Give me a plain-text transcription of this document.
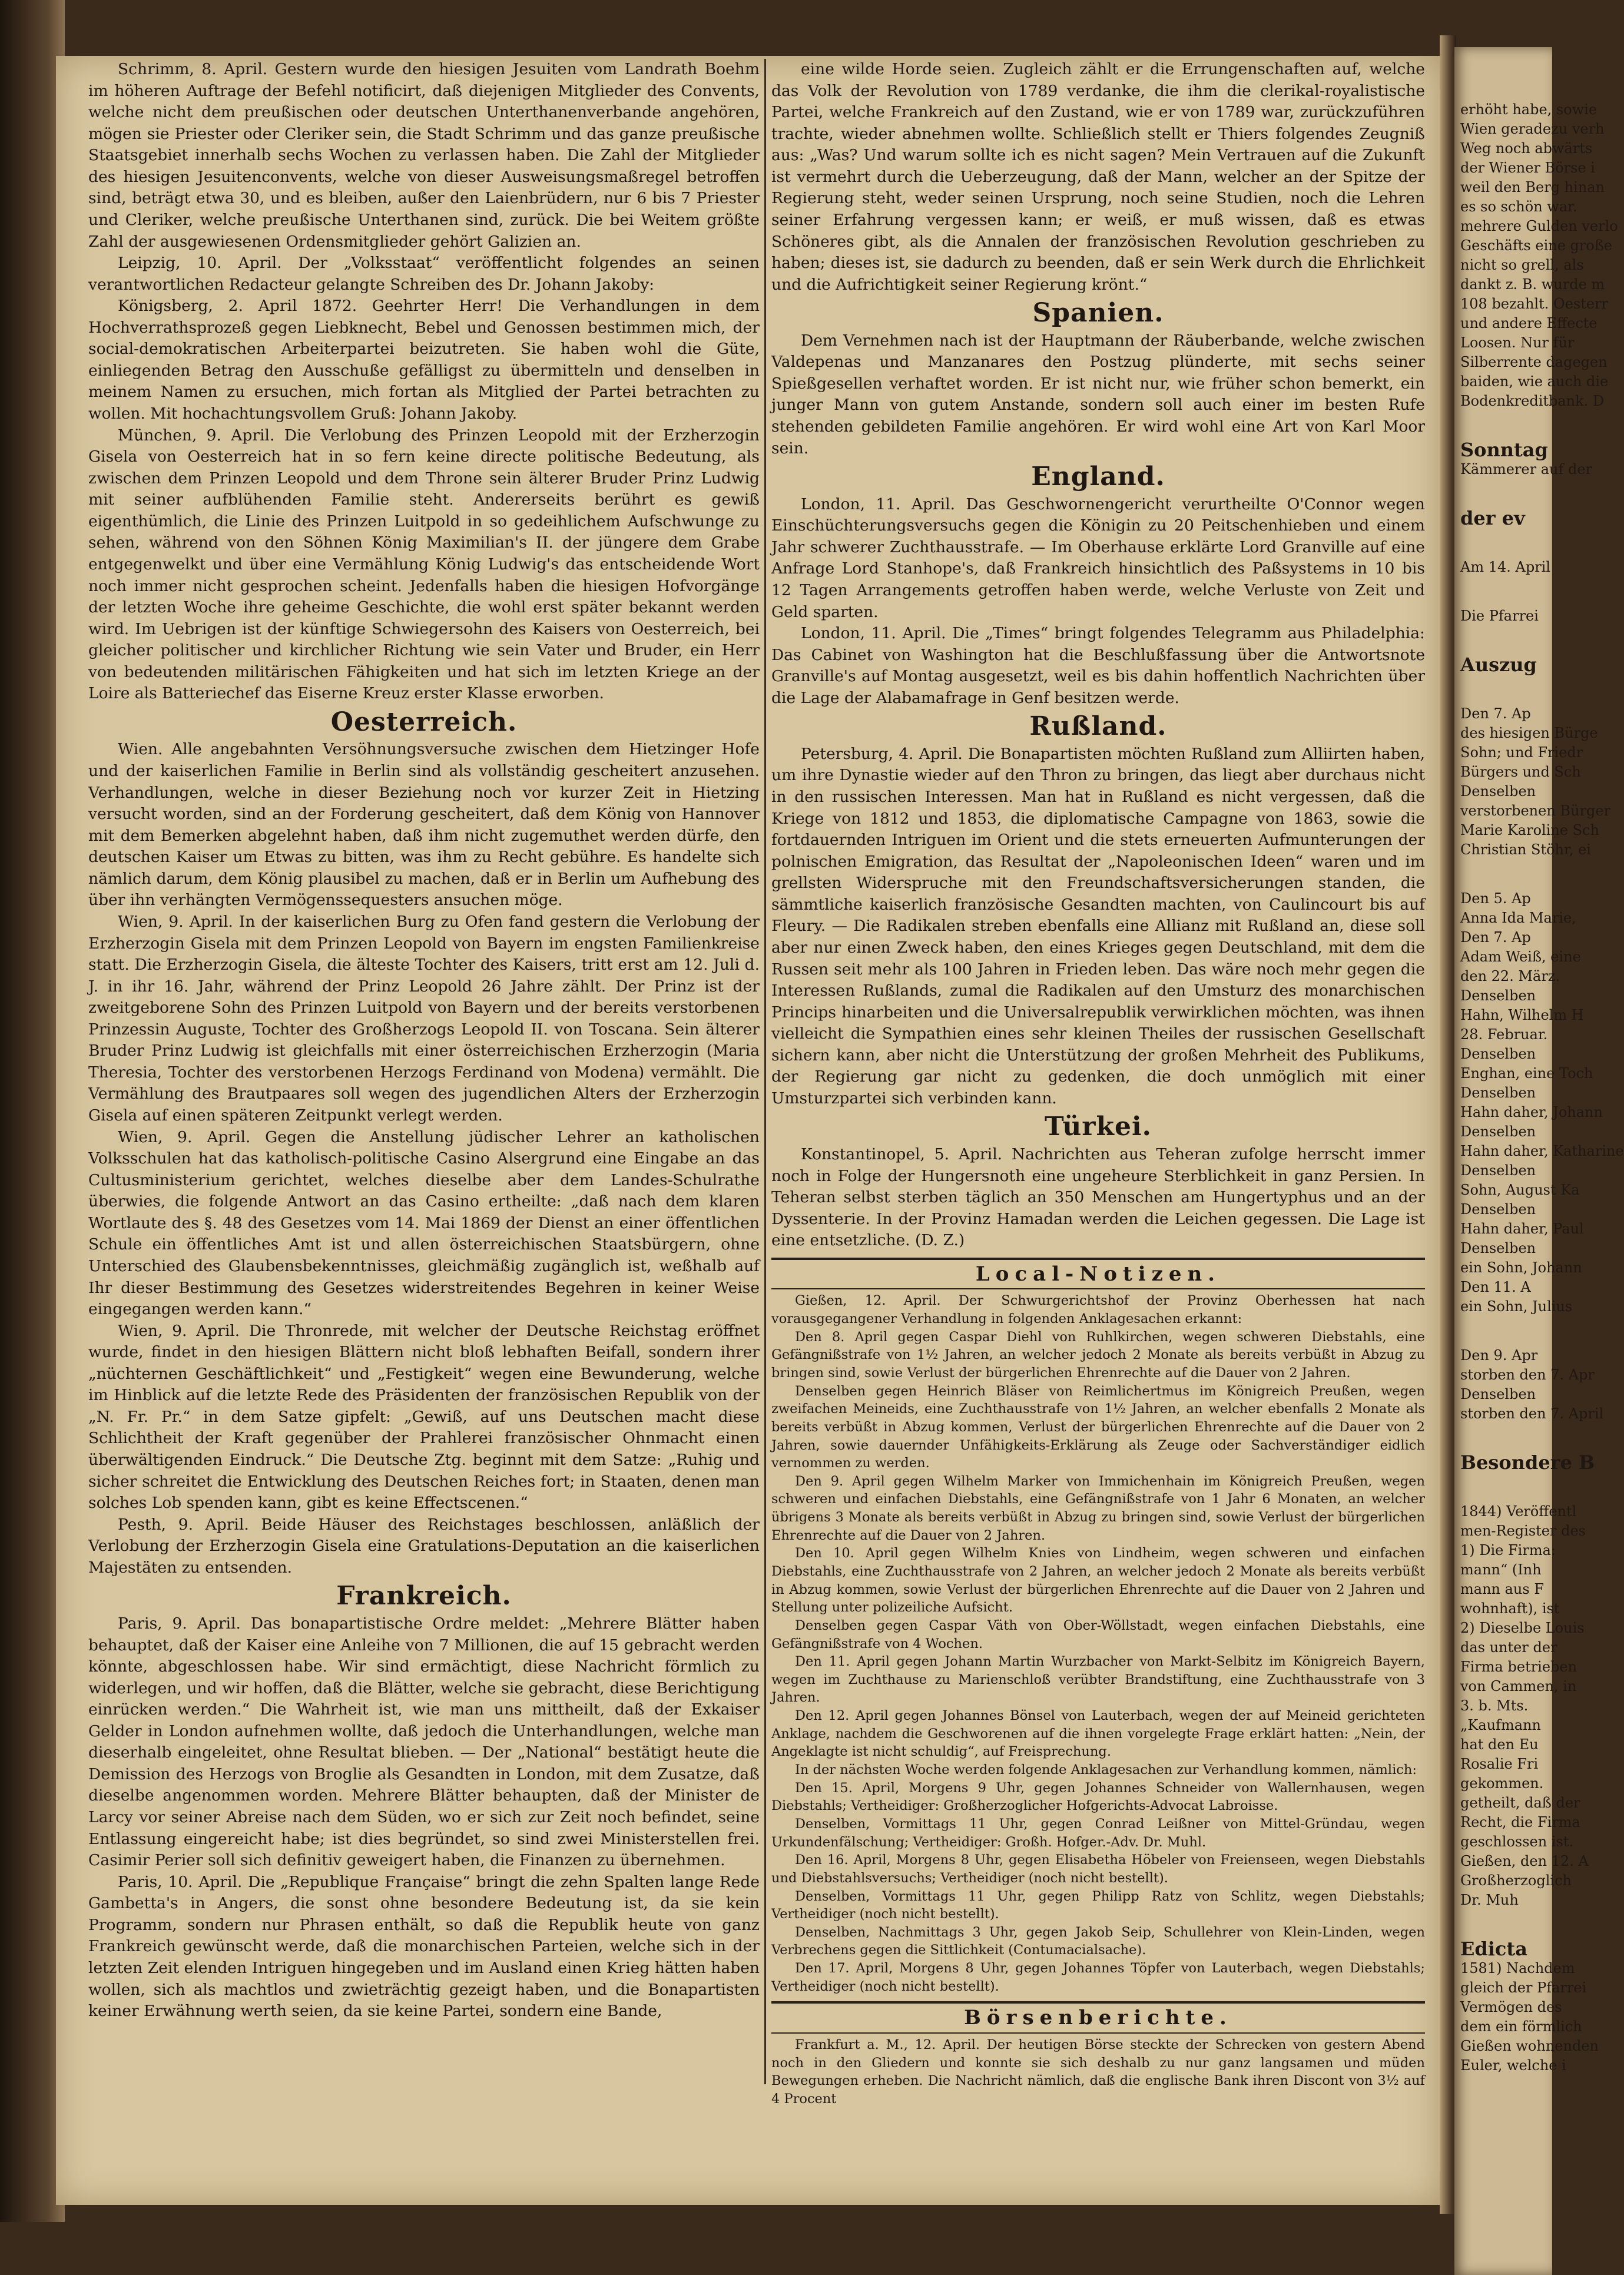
Schrimm, 8. April. Gestern wurde den hiesigen Jesuiten vom Landrath Boehm im höheren Auftrage der Befehl notificirt, daß diejenigen Mitglieder des Convents, welche nicht dem preußischen oder deutschen Unterthanenverbande angehören, mögen sie Priester oder Cleriker sein, die Stadt Schrimm und das ganze preußische Staatsgebiet innerhalb sechs Wochen zu verlassen haben. Die Zahl der Mitglieder des hiesigen Jesuitenconvents, welche von dieser Ausweisungsmaßregel betroffen sind, beträgt etwa 30, und es bleiben, außer den Laienbrüdern, nur 6 bis 7 Priester und Cleriker, welche preußische Unterthanen sind, zurück. Die bei Weitem größte Zahl der ausgewiesenen Ordensmitglieder gehört Galizien an.

Leipzig, 10. April. Der „Volksstaat“ veröffentlicht folgendes an seinen verantwortlichen Redacteur gelangte Schreiben des Dr. Johann Jakoby:

Königsberg, 2. April 1872. Geehrter Herr! Die Verhandlungen in dem Hochverrathsprozeß gegen Liebknecht, Bebel und Genossen bestimmen mich, der social-demokratischen Arbeiterpartei beizutreten. Sie haben wohl die Güte, einliegenden Betrag den Ausschuße gefälligst zu übermitteln und denselben in meinem Namen zu ersuchen, mich fortan als Mitglied der Partei betrachten zu wollen. Mit hochachtungsvollem Gruß: Johann Jakoby.

München, 9. April. Die Verlobung des Prinzen Leopold mit der Erzherzogin Gisela von Oesterreich hat in so fern keine directe politische Bedeutung, als zwischen dem Prinzen Leopold und dem Throne sein älterer Bruder Prinz Ludwig mit seiner aufblühenden Familie steht. Andererseits berührt es gewiß eigenthümlich, die Linie des Prinzen Luitpold in so gedeihlichem Aufschwunge zu sehen, während von den Söhnen König Maximilian's II. der jüngere dem Grabe entgegenwelkt und über eine Vermählung König Ludwig's das entscheidende Wort noch immer nicht gesprochen scheint. Jedenfalls haben die hiesigen Hofvorgänge der letzten Woche ihre geheime Geschichte, die wohl erst später bekannt werden wird. Im Uebrigen ist der künftige Schwiegersohn des Kaisers von Oesterreich, bei gleicher politischer und kirchlicher Richtung wie sein Vater und Bruder, ein Herr von bedeutenden militärischen Fähigkeiten und hat sich im letzten Kriege an der Loire als Batteriechef das Eiserne Kreuz erster Klasse erworben.

Oesterreich.

Wien. Alle angebahnten Versöhnungsversuche zwischen dem Hietzinger Hofe und der kaiserlichen Familie in Berlin sind als vollständig gescheitert anzusehen. Verhandlungen, welche in dieser Beziehung noch vor kurzer Zeit in Hietzing versucht worden, sind an der Forderung gescheitert, daß dem König von Hannover mit dem Bemerken abgelehnt haben, daß ihm nicht zugemuthet werden dürfe, den deutschen Kaiser um Etwas zu bitten, was ihm zu Recht gebühre. Es handelte sich nämlich darum, dem König plausibel zu machen, daß er in Berlin um Aufhebung des über ihn verhängten Vermögenssequesters ansuchen möge.

Wien, 9. April. In der kaiserlichen Burg zu Ofen fand gestern die Verlobung der Erzherzogin Gisela mit dem Prinzen Leopold von Bayern im engsten Familienkreise statt. Die Erzherzogin Gisela, die älteste Tochter des Kaisers, tritt erst am 12. Juli d. J. in ihr 16. Jahr, während der Prinz Leopold 26 Jahre zählt. Der Prinz ist der zweitgeborene Sohn des Prinzen Luitpold von Bayern und der bereits verstorbenen Prinzessin Auguste, Tochter des Großherzogs Leopold II. von Toscana. Sein älterer Bruder Prinz Ludwig ist gleichfalls mit einer österreichischen Erzherzogin (Maria Theresia, Tochter des verstorbenen Herzogs Ferdinand von Modena) vermählt. Die Vermählung des Brautpaares soll wegen des jugendlichen Alters der Erzherzogin Gisela auf einen späteren Zeitpunkt verlegt werden.

Wien, 9. April. Gegen die Anstellung jüdischer Lehrer an katholischen Volksschulen hat das katholisch-politische Casino Alsergrund eine Eingabe an das Cultusministerium gerichtet, welches dieselbe aber dem Landes-Schulrathe überwies, die folgende Antwort an das Casino ertheilte: „daß nach dem klaren Wortlaute des §. 48 des Gesetzes vom 14. Mai 1869 der Dienst an einer öffentlichen Schule ein öffentliches Amt ist und allen österreichischen Staatsbürgern, ohne Unterschied des Glaubensbekenntnisses, gleichmäßig zugänglich ist, weßhalb auf Ihr dieser Bestimmung des Gesetzes widerstreitendes Begehren in keiner Weise eingegangen werden kann.“

Wien, 9. April. Die Thronrede, mit welcher der Deutsche Reichstag eröffnet wurde, findet in den hiesigen Blättern nicht bloß lebhaften Beifall, sondern ihrer „nüchternen Geschäftlichkeit“ und „Festigkeit“ wegen eine Bewunderung, welche im Hinblick auf die letzte Rede des Präsidenten der französischen Republik von der „N. Fr. Pr.“ in dem Satze gipfelt: „Gewiß, auf uns Deutschen macht diese Schlichtheit der Kraft gegenüber der Prahlerei französischer Ohnmacht einen überwältigenden Eindruck.“ Die Deutsche Ztg. beginnt mit dem Satze: „Ruhig und sicher schreitet die Entwicklung des Deutschen Reiches fort; in Staaten, denen man solches Lob spenden kann, gibt es keine Effectscenen.“

Pesth, 9. April. Beide Häuser des Reichstages beschlossen, anläßlich der Verlobung der Erzherzogin Gisela eine Gratulations-Deputation an die kaiserlichen Majestäten zu entsenden.

Frankreich.

Paris, 9. April. Das bonapartistische Ordre meldet: „Mehrere Blätter haben behauptet, daß der Kaiser eine Anleihe von 7 Millionen, die auf 15 gebracht werden könnte, abgeschlossen habe. Wir sind ermächtigt, diese Nachricht förmlich zu widerlegen, und wir hoffen, daß die Blätter, welche sie gebracht, diese Berichtigung einrücken werden.“ Die Wahrheit ist, wie man uns mittheilt, daß der Exkaiser Gelder in London aufnehmen wollte, daß jedoch die Unterhandlungen, welche man dieserhalb eingeleitet, ohne Resultat blieben. — Der „National“ bestätigt heute die Demission des Herzogs von Broglie als Gesandten in London, mit dem Zusatze, daß dieselbe angenommen worden. Mehrere Blätter behaupten, daß der Minister de Larcy vor seiner Abreise nach dem Süden, wo er sich zur Zeit noch befindet, seine Entlassung eingereicht habe; ist dies begründet, so sind zwei Ministerstellen frei. Casimir Perier soll sich definitiv geweigert haben, die Finanzen zu übernehmen.

Paris, 10. April. Die „Republique Française“ bringt die zehn Spalten lange Rede Gambetta's in Angers, die sonst ohne besondere Bedeutung ist, da sie kein Programm, sondern nur Phrasen enthält, so daß die Republik heute von ganz Frankreich gewünscht werde, daß die monarchischen Parteien, welche sich in der letzten Zeit elenden Intriguen hingegeben und im Ausland einen Krieg hätten haben wollen, sich als machtlos und zwieträchtig gezeigt haben, und die Bonapartisten keiner Erwähnung werth seien, da sie keine Partei, sondern eine Bande,

eine wilde Horde seien. Zugleich zählt er die Errungenschaften auf, welche das Volk der Revolution von 1789 verdanke, die ihm die clerikal-royalistische Partei, welche Frankreich auf den Zustand, wie er von 1789 war, zurückzuführen trachte, wieder abnehmen wollte. Schließlich stellt er Thiers folgendes Zeugniß aus: „Was? Und warum sollte ich es nicht sagen? Mein Vertrauen auf die Zukunft ist vermehrt durch die Ueberzeugung, daß der Mann, welcher an der Spitze der Regierung steht, weder seinen Ursprung, noch seine Studien, noch die Lehren seiner Erfahrung vergessen kann; er weiß, er muß wissen, daß es etwas Schöneres gibt, als die Annalen der französischen Revolution geschrieben zu haben; dieses ist, sie dadurch zu beenden, daß er sein Werk durch die Ehrlichkeit und die Aufrichtigkeit seiner Regierung krönt.“

Spanien.

Dem Vernehmen nach ist der Hauptmann der Räuberbande, welche zwischen Valdepenas und Manzanares den Postzug plünderte, mit sechs seiner Spießgesellen verhaftet worden. Er ist nicht nur, wie früher schon bemerkt, ein junger Mann von gutem Anstande, sondern soll auch einer im besten Rufe stehenden gebildeten Familie angehören. Er wird wohl eine Art von Karl Moor sein.

England.

London, 11. April. Das Geschwornengericht verurtheilte O'Connor wegen Einschüchterungsversuchs gegen die Königin zu 20 Peitschenhieben und einem Jahr schwerer Zuchthausstrafe. — Im Oberhause erklärte Lord Granville auf eine Anfrage Lord Stanhope's, daß Frankreich hinsichtlich des Paßsystems in 10 bis 12 Tagen Arrangements getroffen haben werde, welche Verluste von Zeit und Geld sparten.

London, 11. April. Die „Times“ bringt folgendes Telegramm aus Philadelphia: Das Cabinet von Washington hat die Beschlußfassung über die Antwortsnote Granville's auf Montag ausgesetzt, weil es bis dahin hoffentlich Nachrichten über die Lage der Alabamafrage in Genf besitzen werde.

Rußland.

Petersburg, 4. April. Die Bonapartisten möchten Rußland zum Alliirten haben, um ihre Dynastie wieder auf den Thron zu bringen, das liegt aber durchaus nicht in den russischen Interessen. Man hat in Rußland es nicht vergessen, daß die Kriege von 1812 und 1853, die diplomatische Campagne von 1863, sowie die fortdauernden Intriguen im Orient und die stets erneuerten Aufmunterungen der polnischen Emigration, das Resultat der „Napoleonischen Ideen“ waren und im grellsten Widerspruche mit den Freundschaftsversicherungen standen, die sämmtliche kaiserlich französische Gesandten machten, von Caulincourt bis auf Fleury. — Die Radikalen streben ebenfalls eine Allianz mit Rußland an, diese soll aber nur einen Zweck haben, den eines Krieges gegen Deutschland, mit dem die Russen seit mehr als 100 Jahren in Frieden leben. Das wäre noch mehr gegen die Interessen Rußlands, zumal die Radikalen auf den Umsturz des monarchischen Princips hinarbeiten und die Universalrepublik verwirklichen möchten, was ihnen vielleicht die Sympathien eines sehr kleinen Theiles der russischen Gesellschaft sichern kann, aber nicht die Unterstützung der großen Mehrheit des Publikums, der Regierung gar nicht zu gedenken, die doch unmöglich mit einer Umsturzpartei sich verbinden kann.

Türkei.

Konstantinopel, 5. April. Nachrichten aus Teheran zufolge herrscht immer noch in Folge der Hungersnoth eine ungeheure Sterblichkeit in ganz Persien. In Teheran selbst sterben täglich an 350 Menschen am Hungertyphus und an der Dyssenterie. In der Provinz Hamadan werden die Leichen gegessen. Die Lage ist eine entsetzliche. (D. Z.)

Local-Notizen.

Gießen, 12. April. Der Schwurgerichtshof der Provinz Oberhessen hat nach vorausgegangener Verhandlung in folgenden Anklagesachen erkannt:

Den 8. April gegen Caspar Diehl von Ruhlkirchen, wegen schweren Diebstahls, eine Gefängnißstrafe von 1½ Jahren, an welcher jedoch 2 Monate als bereits verbüßt in Abzug zu bringen sind, sowie Verlust der bürgerlichen Ehrenrechte auf die Dauer von 2 Jahren.

Denselben gegen Heinrich Bläser von Reimlichertmus im Königreich Preußen, wegen zweifachen Meineids, eine Zuchthausstrafe von 1½ Jahren, an welcher ebenfalls 2 Monate als bereits verbüßt in Abzug kommen, Verlust der bürgerlichen Ehrenrechte auf die Dauer von 2 Jahren, sowie dauernder Unfähigkeits-Erklärung als Zeuge oder Sachverständiger eidlich vernommen zu werden.

Den 9. April gegen Wilhelm Marker von Immichenhain im Königreich Preußen, wegen schweren und einfachen Diebstahls, eine Gefängnißstrafe von 1 Jahr 6 Monaten, an welcher übrigens 3 Monate als bereits verbüßt in Abzug zu bringen sind, sowie Verlust der bürgerlichen Ehrenrechte auf die Dauer von 2 Jahren.

Den 10. April gegen Wilhelm Knies von Lindheim, wegen schweren und einfachen Diebstahls, eine Zuchthausstrafe von 2 Jahren, an welcher jedoch 2 Monate als bereits verbüßt in Abzug kommen, sowie Verlust der bürgerlichen Ehrenrechte auf die Dauer von 2 Jahren und Stellung unter polizeiliche Aufsicht.

Denselben gegen Caspar Väth von Ober-Wöllstadt, wegen einfachen Diebstahls, eine Gefängnißstrafe von 4 Wochen.

Den 11. April gegen Johann Martin Wurzbacher von Markt-Selbitz im Königreich Bayern, wegen im Zuchthause zu Marienschloß verübter Brandstiftung, eine Zuchthausstrafe von 3 Jahren.

Den 12. April gegen Johannes Bönsel von Lauterbach, wegen der auf Meineid gerichteten Anklage, nachdem die Geschworenen auf die ihnen vorgelegte Frage erklärt hatten: „Nein, der Angeklagte ist nicht schuldig“, auf Freisprechung.

In der nächsten Woche werden folgende Anklagesachen zur Verhandlung kommen, nämlich:

Den 15. April, Morgens 9 Uhr, gegen Johannes Schneider von Wallernhausen, wegen Diebstahls; Vertheidiger: Großherzoglicher Hofgerichts-Advocat Labroisse.

Denselben, Vormittags 11 Uhr, gegen Conrad Leißner von Mittel-Gründau, wegen Urkundenfälschung; Vertheidiger: Großh. Hofger.-Adv. Dr. Muhl.

Den 16. April, Morgens 8 Uhr, gegen Elisabetha Höbeler von Freienseen, wegen Diebstahls und Diebstahlsversuchs; Vertheidiger (noch nicht bestellt).

Denselben, Vormittags 11 Uhr, gegen Philipp Ratz von Schlitz, wegen Diebstahls; Vertheidiger (noch nicht bestellt).

Denselben, Nachmittags 3 Uhr, gegen Jakob Seip, Schullehrer von Klein-Linden, wegen Verbrechens gegen die Sittlichkeit (Contumacialsache).

Den 17. April, Morgens 8 Uhr, gegen Johannes Töpfer von Lauterbach, wegen Diebstahls; Vertheidiger (noch nicht bestellt).

Börsenberichte.

Frankfurt a. M., 12. April. Der heutigen Börse steckte der Schrecken von gestern Abend noch in den Gliedern und konnte sie sich deshalb zu nur ganz langsamen und müden Bewegungen erheben. Die Nachricht nämlich, daß die englische Bank ihren Discont von 3½ auf 4 Procent

erhöht habe, sowie
Wien geradezu verh
Weg noch abwärts
der Wiener Börse i
weil den Berg hinan
es so schön war.
mehrere Gulden verlo
Geschäfts eine große
nicht so grell, als
dankt z. B. wurde m
108 bezahlt. Oesterr
und andere Effecte
Loosen. Nur für
Silberrente dagegen
baiden, wie auch die
Bodenkreditbank. D
Sonntag
Kämmerer auf der
der ev
Am 14. April
Die Pfarrei
Auszug
Den 7. Ap
des hiesigen Bürge
Sohn; und Friedr
Bürgers und Sch
Denselben
verstorbenen Bürger
Marie Karoline Sch
Christian Stöhr, ei
Den 5. Ap
Anna Ida Marie,
Den 7. Ap
Adam Weiß, eine
den 22. März.
Denselben
Hahn, Wilhelm H
28. Februar.
Denselben
Enghan, eine Toch
Denselben
Hahn daher, Johann
Denselben
Hahn daher, Katharine
Denselben
Sohn, August Ka
Denselben
Hahn daher, Paul
Denselben
ein Sohn, Johann
Den 11. A
ein Sohn, Julius
Den 9. Apr
storben den 7. Apr
Denselben
storben den 7. April
Besondere B
1844) Veröffentl
men-Register des
1) Die Firma:
mann“ (Inh
mann aus F
wohnhaft), ist
2) Dieselbe Louis
das unter der
Firma betrieben
von Cammen, in
3. b. Mts.
„Kaufmann
hat den Eu
Rosalie Fri
gekommen.
getheilt, daß der
Recht, die Firma
geschlossen ist.
Gießen, den 12. A
Großherzoglich
Dr. Muh
Edicta
1581) Nachdem
gleich der Pfarrei
Vermögen des
dem ein förmlich
Gießen wohnenden
Euler, welche i
